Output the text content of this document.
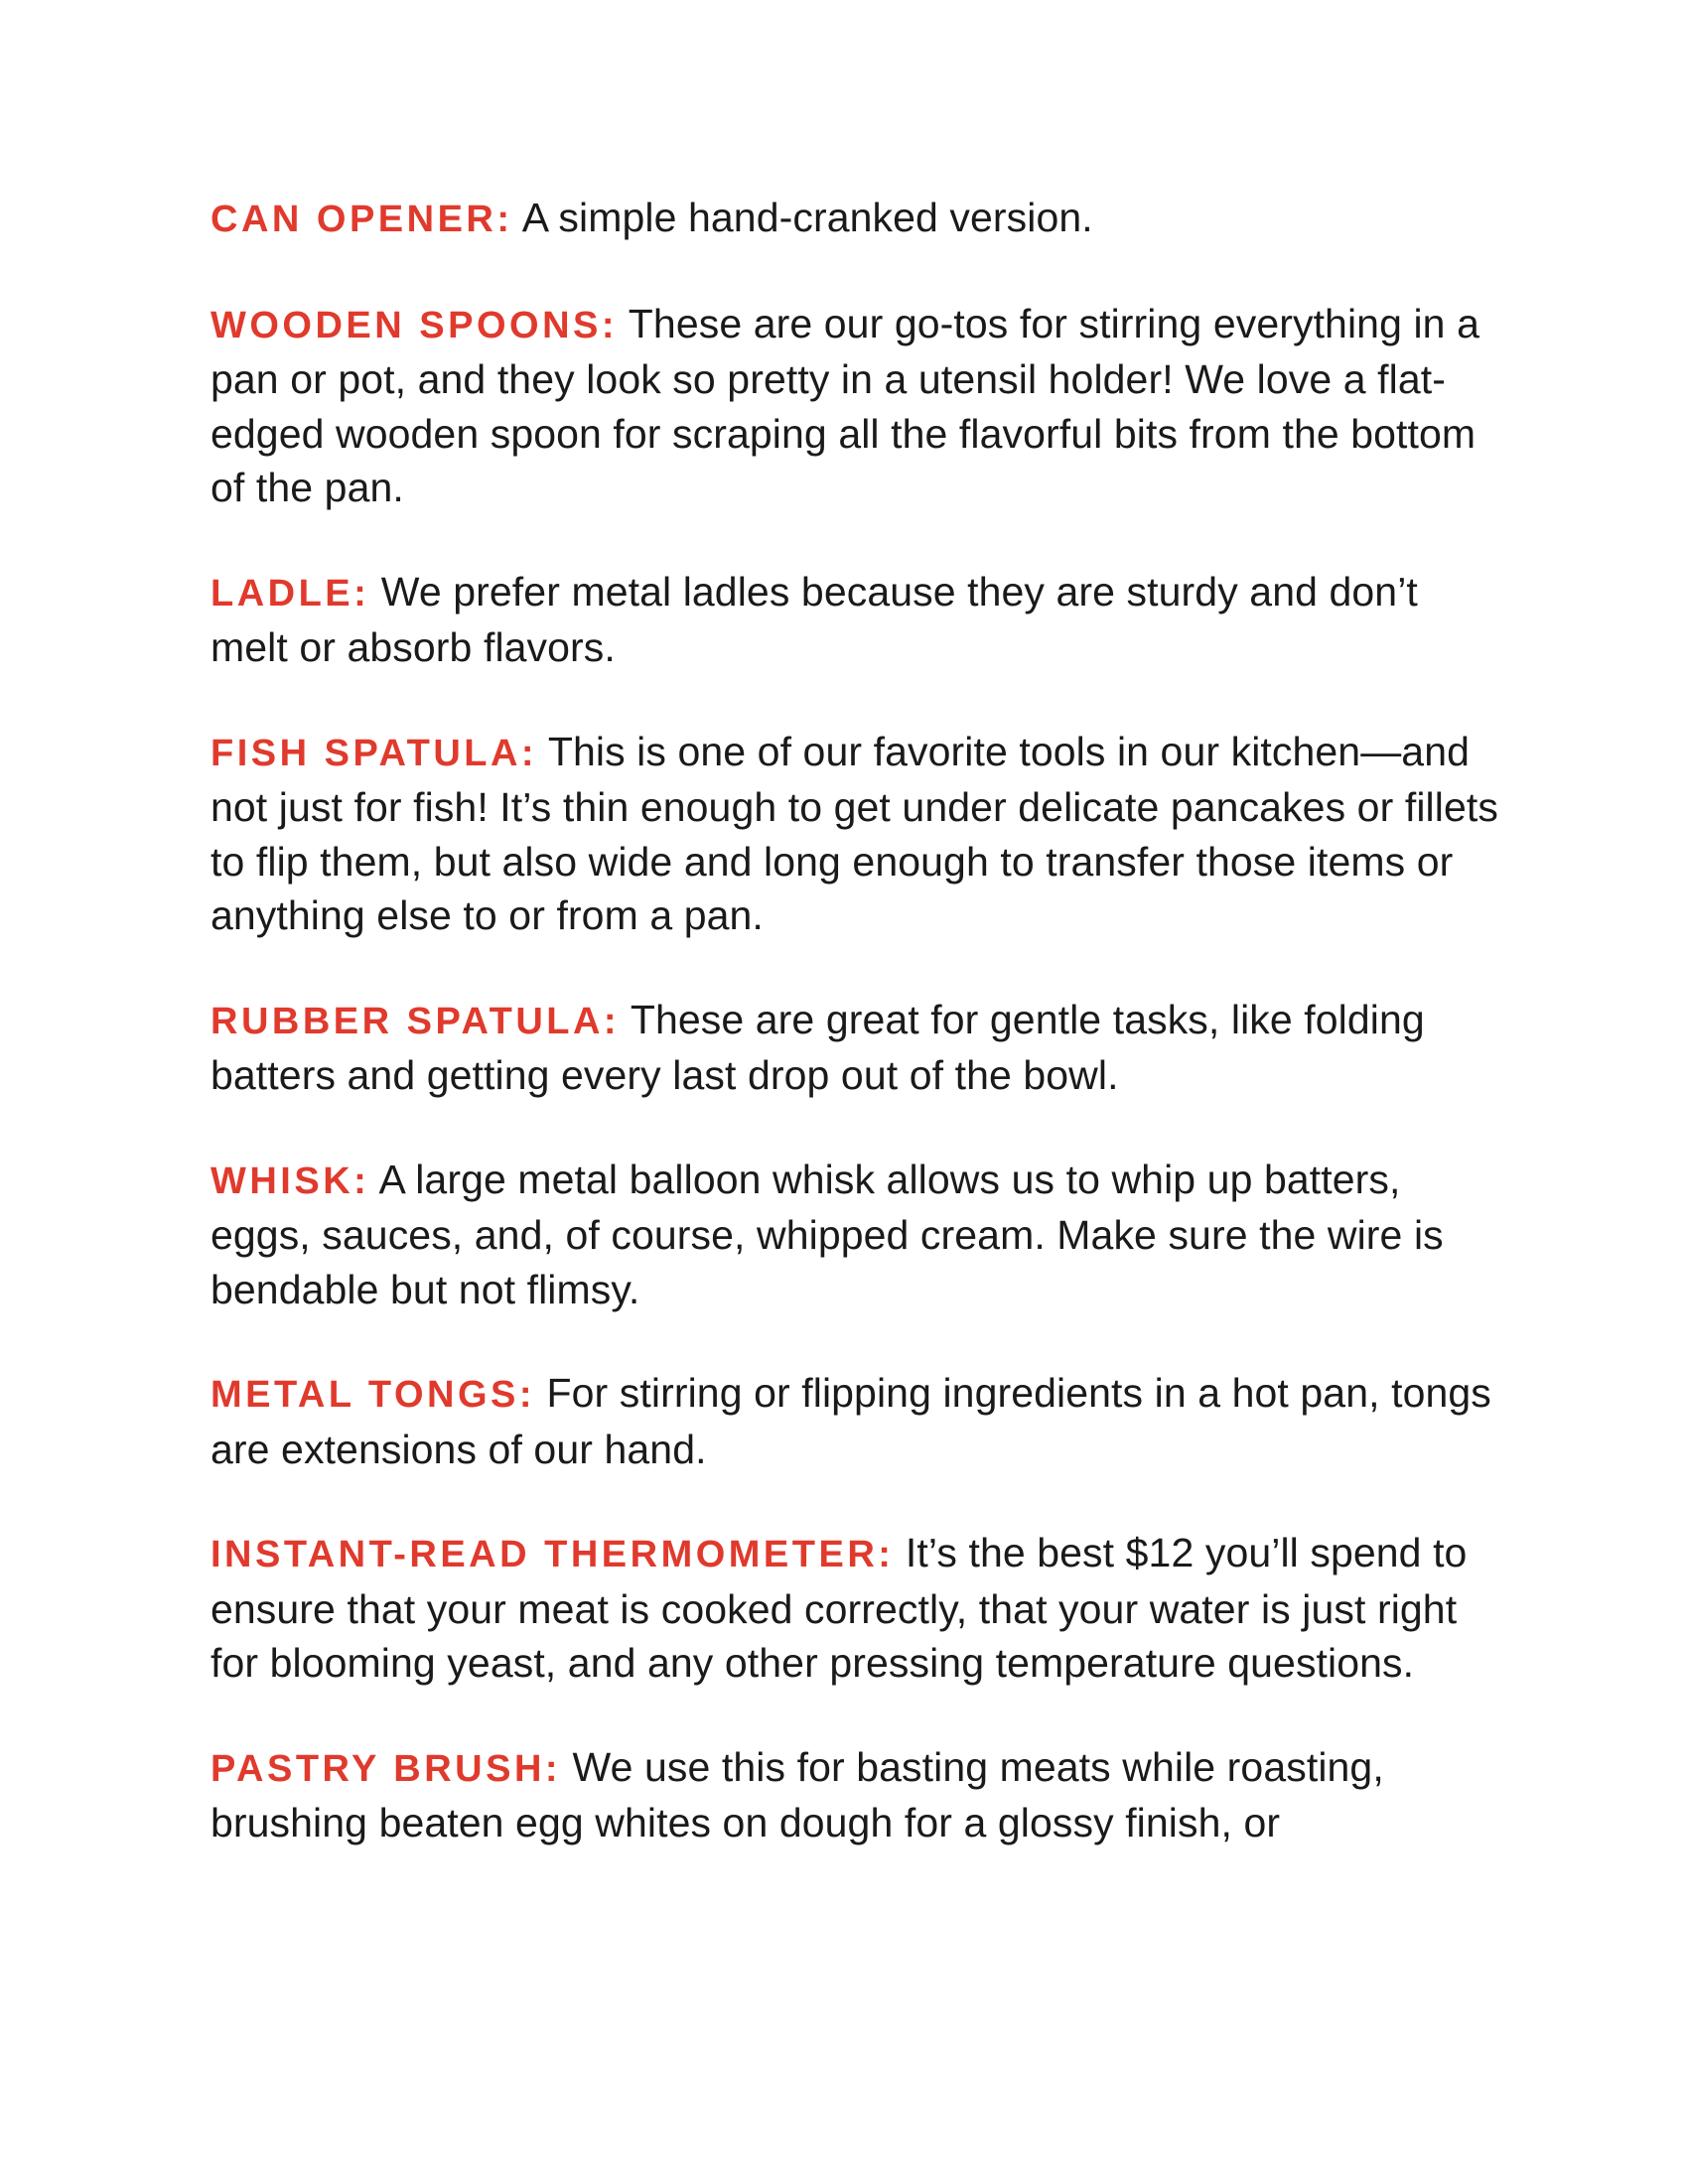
CAN OPENER: A simple hand-cranked version.

WOODEN SPOONS: These are our go-tos for stirring everything in a pan or pot, and they look so pretty in a utensil holder! We love a flat-edged wooden spoon for scraping all the flavorful bits from the bottom of the pan.

LADLE: We prefer metal ladles because they are sturdy and don’t melt or absorb flavors.

FISH SPATULA: This is one of our favorite tools in our kitchen—and not just for fish! It’s thin enough to get under delicate pancakes or fillets to flip them, but also wide and long enough to transfer those items or anything else to or from a pan.

RUBBER SPATULA: These are great for gentle tasks, like folding batters and getting every last drop out of the bowl.

WHISK: A large metal balloon whisk allows us to whip up batters, eggs, sauces, and, of course, whipped cream. Make sure the wire is bendable but not flimsy.

METAL TONGS: For stirring or flipping ingredients in a hot pan, tongs are extensions of our hand.

INSTANT-READ THERMOMETER: It’s the best $12 you’ll spend to ensure that your meat is cooked correctly, that your water is just right for blooming yeast, and any other pressing temperature questions.

PASTRY BRUSH: We use this for basting meats while roasting, brushing beaten egg whites on dough for a glossy finish, or
